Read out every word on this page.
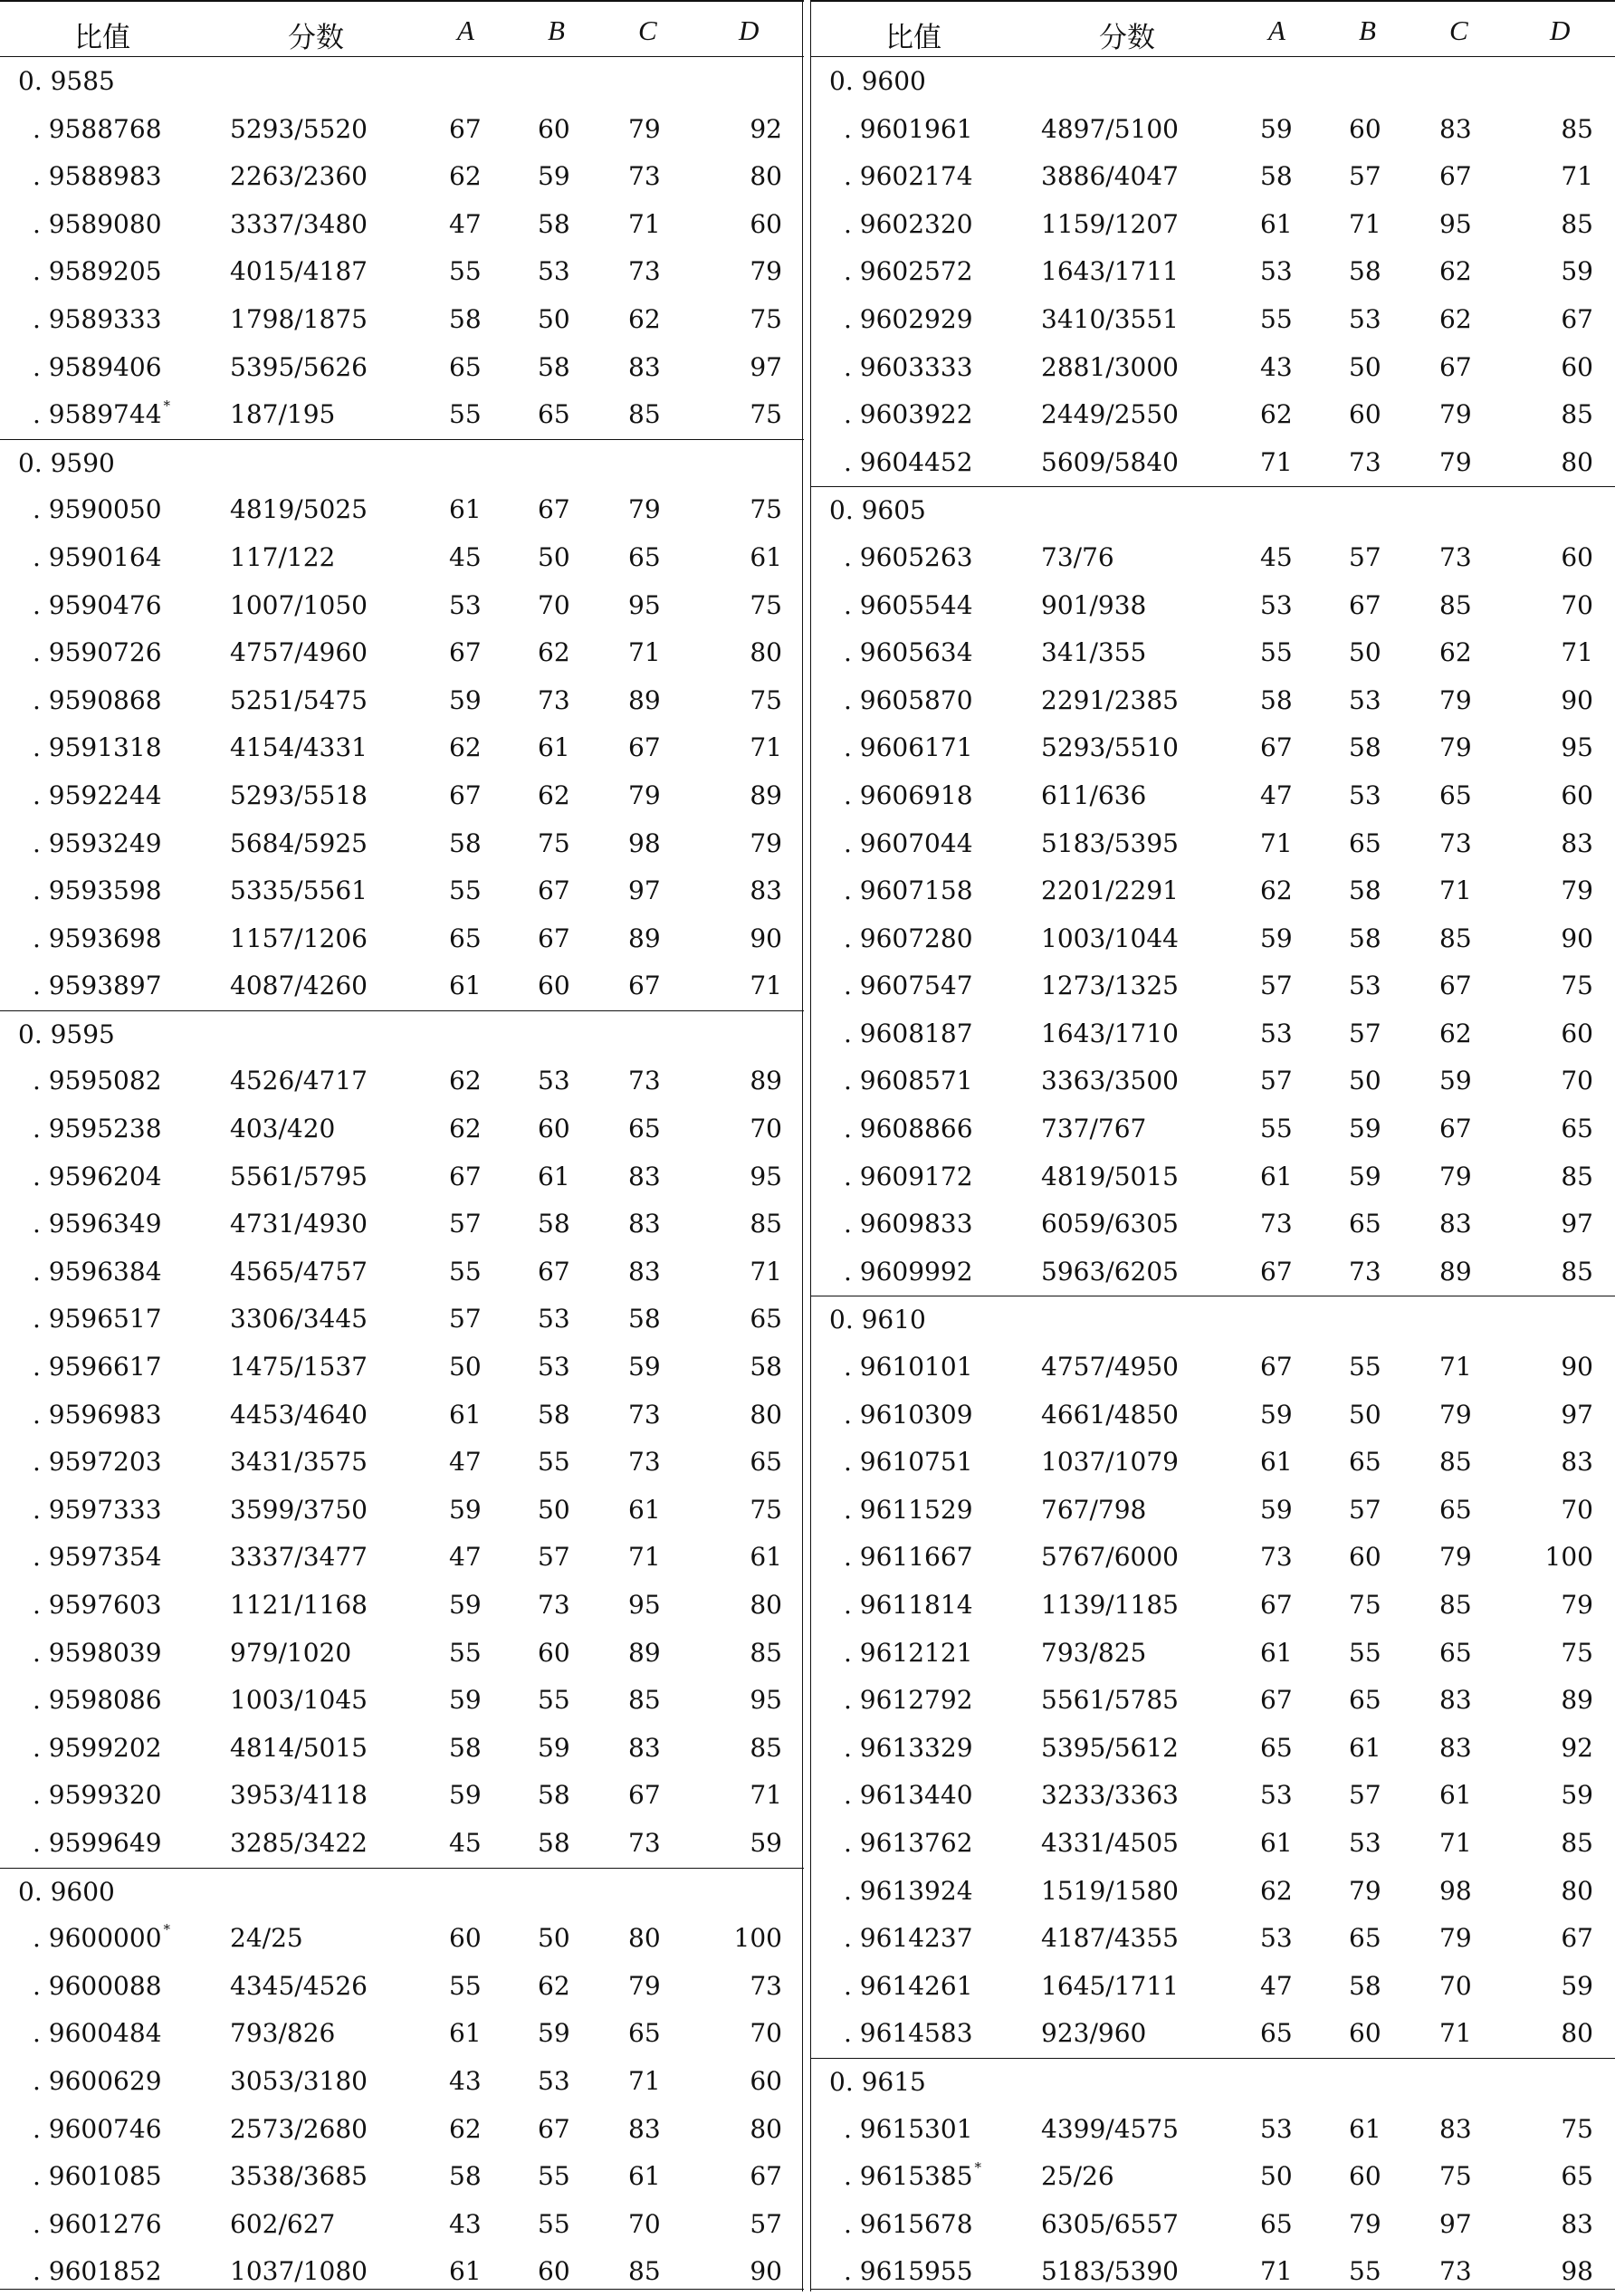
比值	分数	A	B	C	D
0. 9585
. 9588768	5293/5520	67 60 79	92
. 9588983	2263/2360	62 59 73	80
. 9589080	3337/3480	47 58 71	60
. 9589205	4015/4187	55 53 73	79
. 9589333	1798/1875	58 50 62	75
. 9589406	5395/5626	65 58 83	97
. 9589744 * 187/195	55 65 85	75
0. 9590
. 9590050	4819/5025	61 67 79	75
. 9590164	117/122	45 50 65	61
. 9590476	1007/1050	53 70 95	75
. 9590726	4757/4960	67 62 71	80
. 9590868	5251/5475	59 73 89	75
. 9591318	4154/4331	62 61 67	71
. 9592244	5293/5518	67 62 79	89
. 9593249	5684/5925	58 75 98	79
. 9593598	5335/5561	55 67 97	83
. 9593698	1157/1206	65 67 89	90
. 9593897	4087/4260	61 60 67	71
0. 9595
. 9595082	4526/4717	62 53 73	89
. 9595238	403/420	62 60 65	70
. 9596204	5561/5795	67 61 83	95
. 9596349	4731/4930	57 58 83	85
. 9596384	4565/4757	55 67 83	71
. 9596517	3306/3445	57 53 58	65
. 9596617	1475/1537	50 53 59	58
. 9596983	4453/4640	61 58 73	80
. 9597203	3431/3575	47 55 73	65
. 9597333	3599/3750	59 50 61	75
. 9597354	3337/3477	47 57 71	61
. 9597603	1121/1168	59 73 95	80
. 9598039	979/1020	55 60 89	85
. 9598086	1003/1045	59 55 85	95
. 9599202	4814/5015	58 59 83	85
. 9599320	3953/4118	59 58 67	71
. 9599649	3285/3422	45 58 73	59
0. 9600
. 9600000 * 24/25	60 50 80	100
. 9600088	4345/4526	55 62 79	73
. 9600484	793/826	61 59 65	70
. 9600629	3053/3180	43 53 71	60
. 9600746	2573/2680	62 67 83	80
. 9601085	3538/3685	58 55 61	67
. 9601276	602/627	43 55 70	57
. 9601852	1037/1080	61 60 85	90
比值	分数	A	B	C	D
0. 9600
. 9601961	4897/5100	59 60 83	85
. 9602174	3886/4047	58 57 67	71
. 9602320	1159/1207	61 71 95	85
. 9602572	1643/1711	53 58 62	59
. 9602929	3410/3551	55 53 62	67
. 9603333	2881/3000	43 50 67	60
. 9603922	2449/2550	62 60 79	85
. 9604452	5609/5840	71 73 79	80
0. 9605
. 9605263	73/76	45 57 73	60
. 9605544	901/938	53 67 85	70
. 9605634	341/355	55 50 62	71
. 9605870	2291/2385	58 53 79	90
. 9606171	5293/5510	67 58 79	95
. 9606918	611/636	47 53 65	60
. 9607044	5183/5395	71 65 73	83
. 9607158	2201/2291	62 58 71	79
. 9607280	1003/1044	59 58 85	90
. 9607547	1273/1325	57 53 67	75
. 9608187	1643/1710	53 57 62	60
. 9608571	3363/3500	57 50 59	70
. 9608866	737/767	55 59 67	65
. 9609172	4819/5015	61 59 79	85
. 9609833	6059/6305	73 65 83	97
. 9609992	5963/6205	67 73 89	85
0. 9610
. 9610101	4757/4950	67 55 71	90
. 9610309	4661/4850	59 50 79	97
. 9610751	1037/1079	61 65 85	83
. 9611529	767/798	59 57 65	70
. 9611667	5767/6000	73 60 79	100
. 9611814	1139/1185	67 75 85	79
. 9612121	793/825	61 55 65	75
. 9612792	5561/5785	67 65 83	89
. 9613329	5395/5612	65 61 83	92
. 9613440	3233/3363	53 57 61	59
. 9613762	4331/4505	61 53 71	85
. 9613924	1519/1580	62 79 98	80
. 9614237	4187/4355	53 65 79	67
. 9614261	1645/1711	47 58 70	59
. 9614583	923/960	65 60 71	80
0. 9615
. 9615301	4399/4575	53 61 83	75
. 9615385 * 25/26	50 60 75	65
. 9615678	6305/6557	65 79 97	83
. 9615955	5183/5390	71 55 73	98
